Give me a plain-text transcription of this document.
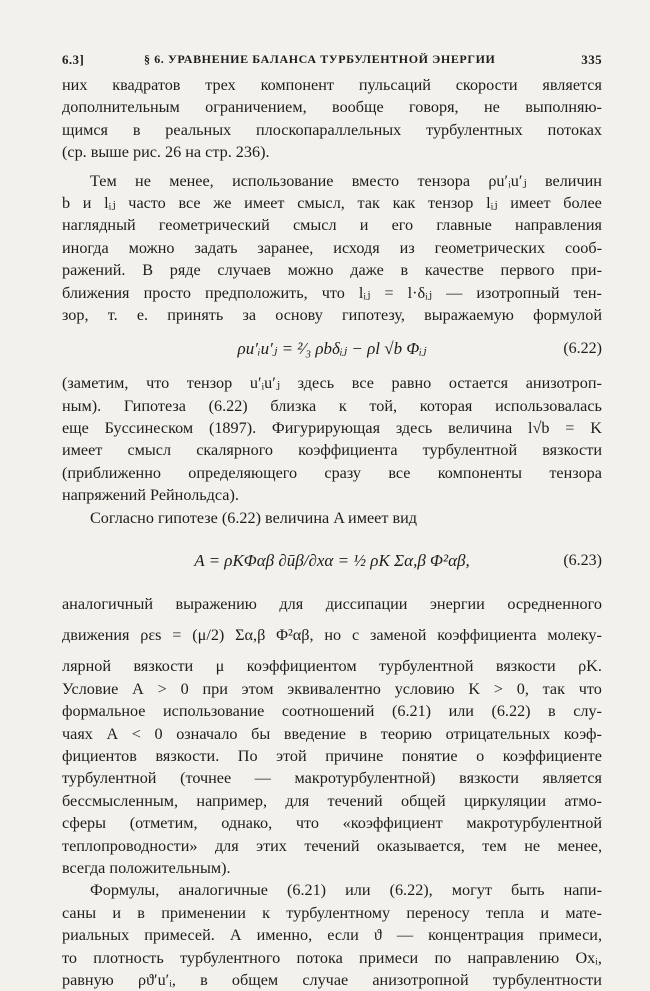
6.3]	§ 6. УРАВНЕНИЕ БАЛАНСА ТУРБУЛЕНТНОЙ ЭНЕРГИИ	335
них квадратов трех компонент пульсаций скорости является
дополнительным ограничением, вообще говоря, не выполняю-
щимся в реальных плоскопараллельных турбулентных потоках
(ср. выше рис. 26 на стр. 236).
Тем не менее, использование вместо тензора ρu′ᵢu′ⱼ величин
b и lᵢⱼ часто все же имеет смысл, так как тензор lᵢⱼ имеет более
наглядный геометрический смысл и его главные направления
иногда можно задать заранее, исходя из геометрических сооб-
ражений. В ряде случаев можно даже в качестве первого при-
ближения просто предположить, что lᵢⱼ = l·δᵢⱼ — изотропный тен-
зор, т. е. принять за основу гипотезу, выражаемую формулой
ρu′ᵢu′ⱼ = ²⁄₃ ρbδᵢⱼ − ρl √b Φᵢⱼ	(6.22)
(заметим, что тензор u′ᵢu′ⱼ здесь все равно остается анизотроп-
ным). Гипотеза (6.22) близка к той, которая использовалась
еще Буссинеском (1897). Фигурирующая здесь величина l√b = K
имеет смысл скалярного коэффициента турбулентной вязкости
(приближенно определяющего сразу все компоненты тензора
напряжений Рейнольдса).
Согласно гипотезе (6.22) величина A имеет вид
A = ρKΦαβ ∂ūβ/∂xα = ½ ρK Σα,β Φ²αβ,	(6.23)
аналогичный выражению для диссипации энергии осредненного
движения ρεs = (μ/2) Σα,β Φ²αβ, но с заменой коэффициента молеку-
лярной вязкости μ коэффициентом турбулентной вязкости ρK.
Условие A > 0 при этом эквивалентно условию K > 0, так что
формальное использование соотношений (6.21) или (6.22) в слу-
чаях A < 0 означало бы введение в теорию отрицательных коэф-
фициентов вязкости. По этой причине понятие о коэффициенте
турбулентной (точнее — макротурбулентной) вязкости является
бессмысленным, например, для течений общей циркуляции атмо-
сферы (отметим, однако, что «коэффициент макротурбулентной
теплопроводности» для этих течений оказывается, тем не менее,
всегда положительным).
Формулы, аналогичные (6.21) или (6.22), могут быть напи-
саны и в применении к турбулентному переносу тепла и мате-
риальных примесей. А именно, если ϑ — концентрация примеси,
то плотность турбулентного потока примеси по направлению Oxᵢ,
равную ρϑ′u′ᵢ, в общем случае анизотропной турбулентности
